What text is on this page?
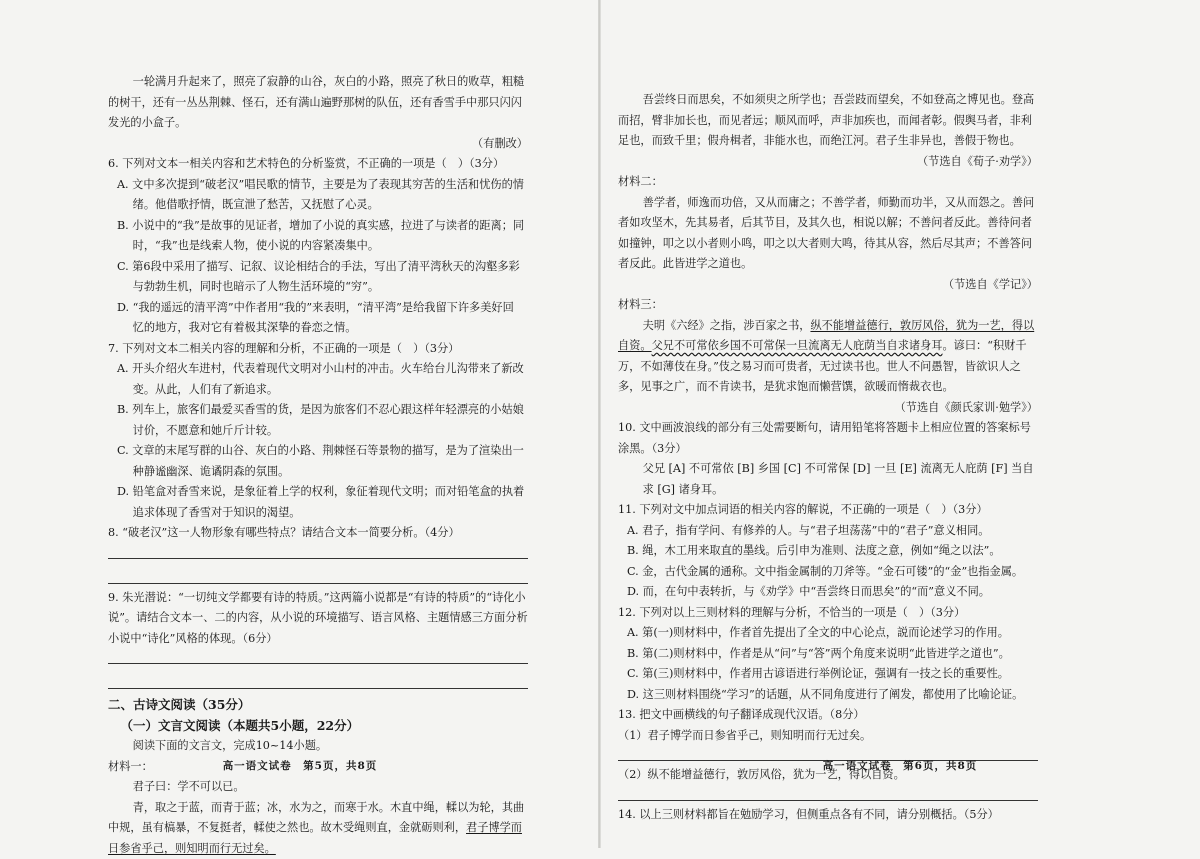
一轮满月升起来了，照亮了寂静的山谷，灰白的小路，照亮了秋日的败草，粗糙的树干，还有一丛丛荆棘、怪石，还有满山遍野那树的队伍，还有香雪手中那只闪闪发光的小盒子。

（有删改）

6. 下列对文本一相关内容和艺术特色的分析鉴赏，不正确的一项是（　）（3分）

A. 文中多次提到“破老汉”唱民歌的情节，主要是为了表现其穷苦的生活和忧伤的情绪。他借歌抒情，既宣泄了愁苦，又抚慰了心灵。

B. 小说中的“我”是故事的见证者，增加了小说的真实感，拉进了与读者的距离；同时，“我”也是线索人物，使小说的内容紧凑集中。

C. 第6段中采用了描写、记叙、议论相结合的手法，写出了清平湾秋天的沟壑多彩与勃勃生机，同时也暗示了人物生活环境的“穷”。

D. “我的遥远的清平湾”中作者用“我的”来表明，“清平湾”是给我留下许多美好回　忆的地方，我对它有着极其深挚的眷恋之情。

7. 下列对文本二相关内容的理解和分析，不正确的一项是（　）（3分）

A. 开头介绍火车进村，代表着现代文明对小山村的冲击。火车给台儿沟带来了新改变。从此，人们有了新追求。

B. 列车上，旅客们最爱买香雪的货，是因为旅客们不忍心跟这样年轻漂亮的小姑娘讨价，不愿意和她斤斤计较。

C. 文章的末尾写群的山谷、灰白的小路、荆棘怪石等景物的描写，是为了渲染出一种静谧幽深、诡谲阴森的氛围。

D. 铅笔盒对香雪来说，是象征着上学的权利，象征着现代文明；而对铅笔盒的执着追求体现了香雪对于知识的渴望。

8. “破老汉”这一人物形象有哪些特点？请结合文本一简要分析。（4分）

9. 朱光潜说：“一切纯文学都要有诗的特质。”这两篇小说都是“有诗的特质”的“诗化小说”。请结合文本一、二的内容，从小说的环境描写、语言风格、主题情感三方面分析小说中“诗化”风格的体现。（6分）

二、古诗文阅读（35分）

（一）文言文阅读（本题共5小题，22分）

阅读下面的文言文，完成10~14小题。

材料一：

君子曰：学不可以已。

青，取之于蓝，而青于蓝；冰，水为之，而寒于水。木直中绳，輮以为轮，其曲中规，虽有槁暴，不复挺者，輮使之然也。故木受绳则直，金就砺则利，君子博学而日参省乎己，则知明而行无过矣。

高一语文试卷　第5页，共8页

吾尝终日而思矣，不如须臾之所学也；吾尝跂而望矣，不如登高之博见也。登高而招，臂非加长也，而见者远；顺风而呼，声非加疾也，而闻者彰。假舆马者，非利足也，而致千里；假舟楫者，非能水也，而绝江河。君子生非异也，善假于物也。

（节选自《荀子·劝学》）

材料二：

善学者，师逸而功倍，又从而庸之；不善学者，师勤而功半，又从而怨之。善问者如攻坚木，先其易者，后其节目，及其久也，相说以解；不善问者反此。善待问者如撞钟，叩之以小者则小鸣，叩之以大者则大鸣，待其从容，然后尽其声；不善答问者反此。此皆进学之道也。

（节选自《学记》）

材料三：

夫明《六经》之指，涉百家之书，纵不能增益德行，敦厉风俗，犹为一艺，得以自资。父兄不可常依乡国不可常保一旦流离无人庇荫当自求诸身耳。谚曰：“积财千万，不如薄伎在身。”伎之易习而可贵者，无过读书也。世人不问愚智，皆欲识人之多，见事之广，而不肯读书，是犹求饱而懒营馔，欲暖而惰裁衣也。

（节选自《颜氏家训·勉学》）

10. 文中画波浪线的部分有三处需要断句，请用铅笔将答题卡上相应位置的答案标号涂黑。（3分）

父兄 [A] 不可常依 [B] 乡国 [C] 不可常保 [D] 一旦 [E] 流离无人庇荫 [F] 当自

求 [G] 诸身耳。

11. 下列对文中加点词语的相关内容的解说，不正确的一项是（　）（3分）

A. 君子，指有学问、有修养的人。与“君子坦荡荡”中的“君子”意义相同。

B. 绳，木工用来取直的墨线。后引申为准则、法度之意，例如“绳之以法”。

C. 金，古代金属的通称。文中指金属制的刀斧等。“金石可镂”的“金”也指金属。

D. 而，在句中表转折，与《劝学》中“吾尝终日而思矣”的“而”意义不同。

12. 下列对以上三则材料的理解与分析，不恰当的一项是（　）（3分）

A. 第(一)则材料中，作者首先提出了全文的中心论点，説而论述学习的作用。

B. 第(二)则材料中，作者是从“问”与“答”两个角度来说明“此皆进学之道也”。

C. 第(三)则材料中，作者用古谚语进行举例论证，强调有一技之长的重要性。

D. 这三则材料围绕“学习”的话题，从不同角度进行了阐发，都使用了比喻论证。

13. 把文中画横线的句子翻译成现代汉语。（8分）

（1）君子博学而日参省乎己，则知明而行无过矣。

（2）纵不能增益德行，敦厉风俗，犹为一艺，得以自资。

14. 以上三则材料都旨在勉励学习，但侧重点各有不同，请分别概括。（5分）

高一语文试卷　第6页，共8页
